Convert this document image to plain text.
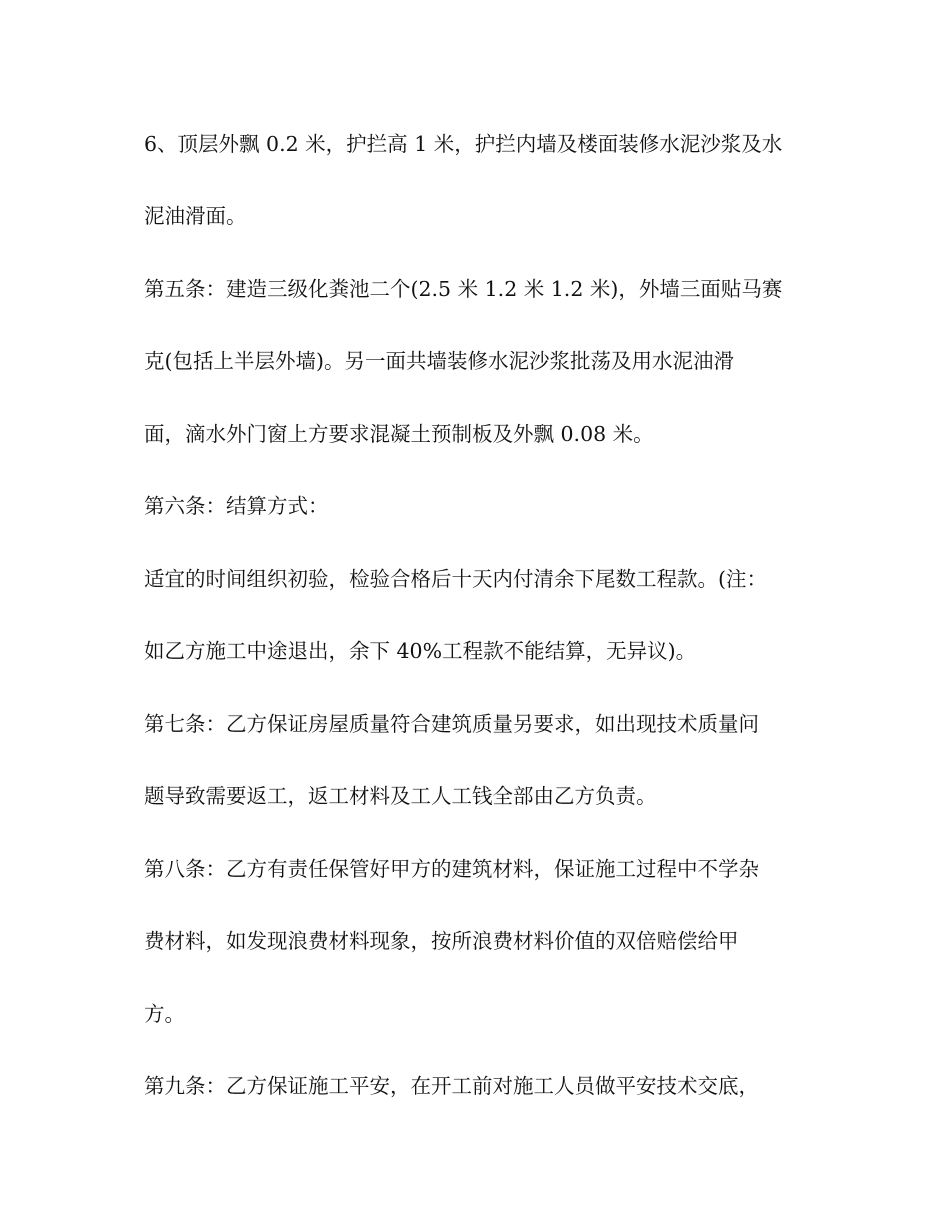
6、顶层外飘 0.2 米，护拦高 1 米，护拦内墙及楼面装修水泥沙浆及水

泥油滑面。

第五条：建造三级化粪池二个(2.5 米 1.2 米 1.2 米)，外墙三面贴马赛

克(包括上半层外墙)。另一面共墙装修水泥沙浆批荡及用水泥油滑

面，滴水外门窗上方要求混凝土预制板及外飘 0.08 米。

第六条：结算方式：

适宜的时间组织初验，检验合格后十天内付清余下尾数工程款。(注：

如乙方施工中途退出，余下 40%工程款不能结算，无异议)。

第七条：乙方保证房屋质量符合建筑质量另要求，如出现技术质量问

题导致需要返工，返工材料及工人工钱全部由乙方负责。

第八条：乙方有责任保管好甲方的建筑材料，保证施工过程中不学杂

费材料，如发现浪费材料现象，按所浪费材料价值的双倍赔偿给甲

方。

第九条：乙方保证施工平安，在开工前对施工人员做平安技术交底，
